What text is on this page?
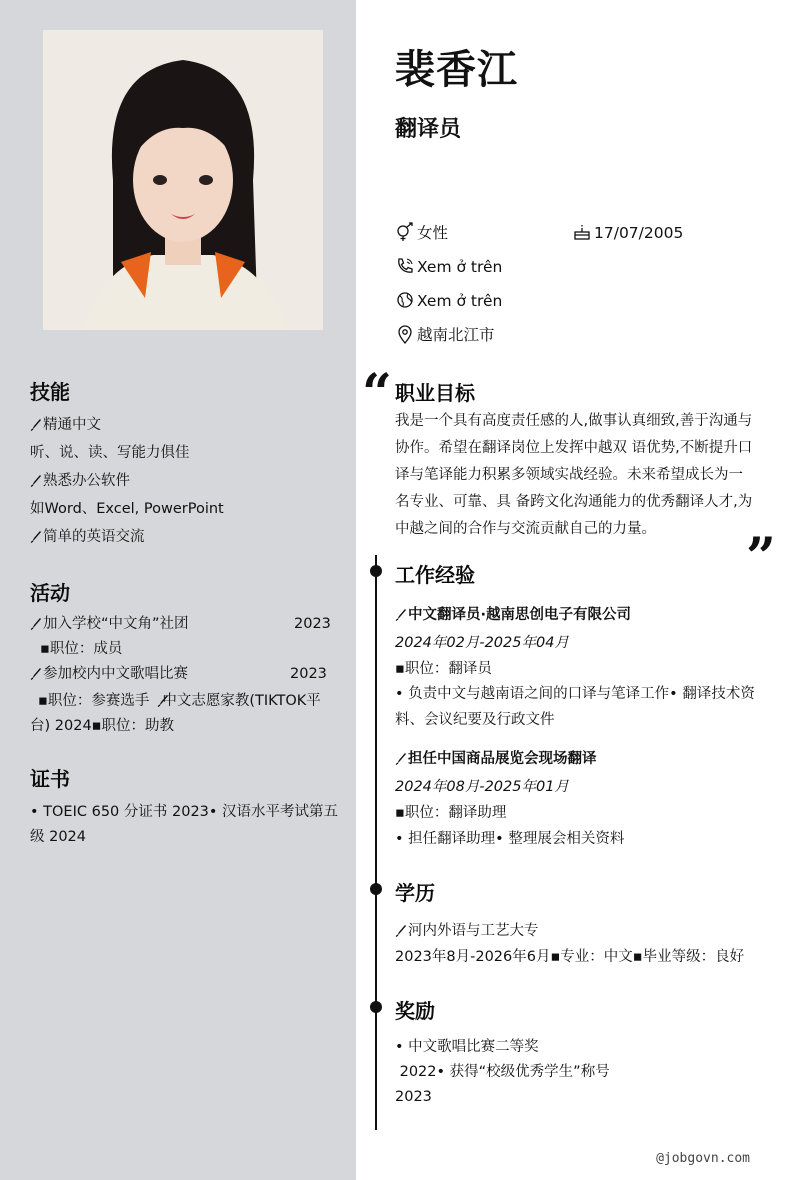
技能
精通中文
听、说、读、写能力俱佳
熟悉办公软件
如Word、Excel, PowerPoint
简单的英语交流
活动
加入学校“中文角”社团	2023
▪职位：成员
参加校内中文歌唱比赛	2023
▪职位：参赛选手 中文志愿家教(TIKTOK平台) 2024▪职位：助教
证书
• TOEIC 650 分证书 2023• 汉语水平考试第五级 2024
裴香江
翻译员
女性	17/07/2005
Xem ở trên
Xem ở trên
越南北江市
“ 职业目标
我是一个具有高度责任感的人,做事认真细致,善于沟通与协作。希望在翻译岗位上发挥中越双 语优势,不断提升口译与笔译能力积累多领域实战经验。未来希望成长为一名专业、可靠、具 备跨文化沟通能力的优秀翻译人才,为中越之间的合作与交流贡献自己的力量。	”
工作经验
中文翻译员·越南思创电子有限公司
2024年02月-2025年04月
▪职位：翻译员
• 负责中文与越南语之间的口译与笔译工作• 翻译技术资料、会议纪要及行政文件
担任中国商品展览会现场翻译
2024年08月-2025年01月
▪职位：翻译助理
• 担任翻译助理• 整理展会相关资料
学历
河内外语与工艺大专
2023年8月-2026年6月▪专业：中文▪毕业等级：良好
奖励
• 中文歌唱比赛二等奖
2022• 获得“校级优秀学生”称号
2023
@jobgovn.com
